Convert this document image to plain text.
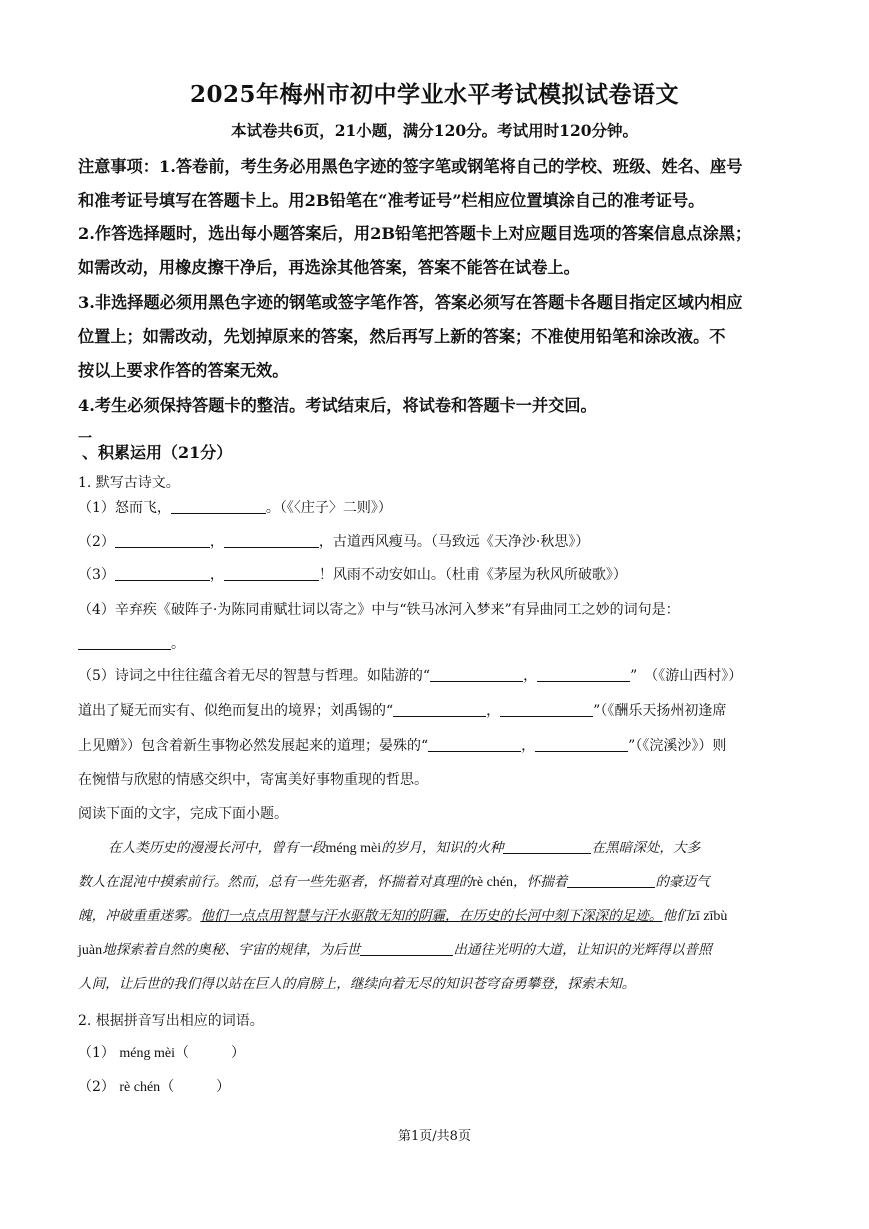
2025年梅州市初中学业水平考试模拟试卷语文
本试卷共6页，21小题，满分120分。考试用时120分钟。
注意事项：1.答卷前，考生务必用黑色字迹的签字笔或钢笔将自己的学校、班级、姓名、座号
和准考证号填写在答题卡上。用2B铅笔在“准考证号”栏相应位置填涂自己的准考证号。
2.作答选择题时，选出每小题答案后，用2B铅笔把答题卡上对应题目选项的答案信息点涂黑；
如需改动，用橡皮擦干净后，再选涂其他答案，答案不能答在试卷上。
3.非选择题必须用黑色字迹的钢笔或签字笔作答，答案必须写在答题卡各题目指定区域内相应
位置上；如需改动，先划掉原来的答案，然后再写上新的答案；不准使用铅笔和涂改液。不
按以上要求作答的答案无效。
4.考生必须保持答题卡的整洁。考试结束后，将试卷和答题卡一并交回。
一
、积累运用（21分）
1. 默写古诗文。
（1）怒而飞，	。（《〈庄子〉二则》）
（2）	，	，古道西风瘦马。（马致远《天净沙·秋思》）
（3）	，	！风雨不动安如山。（杜甫《茅屋为秋风所破歌》）
（4）辛弃疾《破阵子·为陈同甫赋壮词以寄之》中与“铁马冰河入梦来”有异曲同工之妙的词句是：
。
（5）诗词之中往往蕴含着无尽的智慧与哲理。如陆游的“	，	”　（《游山西村》）
道出了疑无而实有、似绝而复出的境界；刘禹锡的“	，	”（《酬乐天扬州初逢席
上见赠》）包含着新生事物必然发展起来的道理；晏殊的“	，	”（《浣溪沙》）则
在惋惜与欣慰的情感交织中，寄寓美好事物重现的哲思。
阅读下面的文字，完成下面小题。
在人类历史的漫漫长河中，曾有一段méng mèi的岁月，知识的火种	在黑暗深处，大多
数人在混沌中摸索前行。然而，总有一些先驱者，怀揣着对真理的rè chén，怀揣着	的豪迈气
魄，冲破重重迷雾。他们一点点用智慧与汗水驱散无知的阴霾，在历史的长河中刻下深深的足迹。他们zī zībù
juàn地探索着自然的奥秘、宇宙的规律，为后世	出通往光明的大道，让知识的光辉得以普照
人间，让后世的我们得以站在巨人的肩膀上，继续向着无尽的知识苍穹奋勇攀登，探索未知。
2. 根据拼音写出相应的词语。
（1） méng mèi（　　　）
（2） rè chén（　　　）
第1页/共8页
